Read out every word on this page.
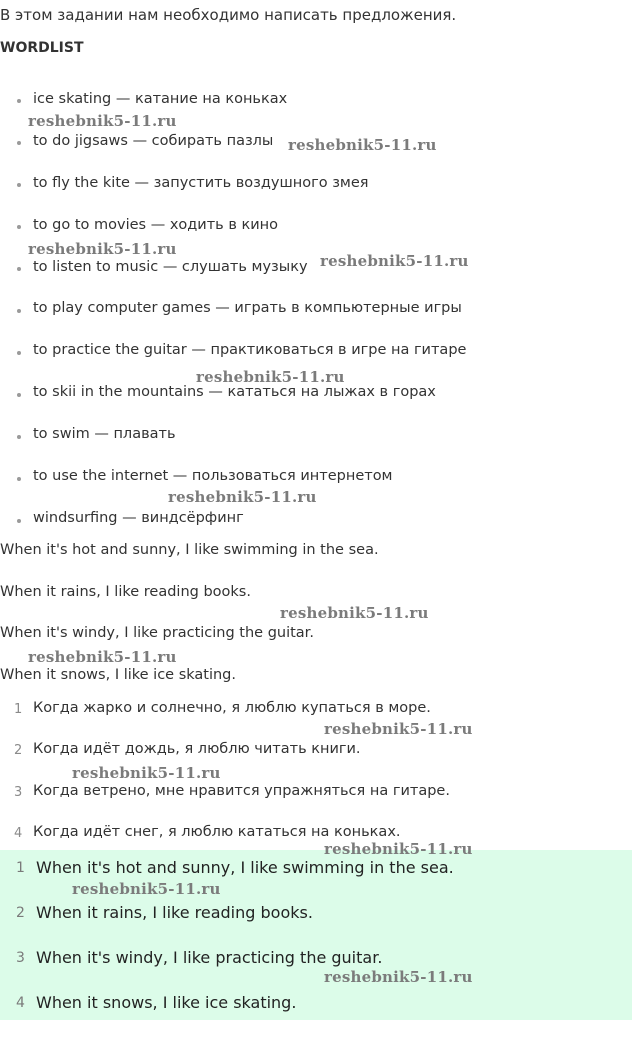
В этом задании нам необходимо написать предложения.
WORDLIST
ice skating — катание на коньках
to do jigsaws — собирать пазлы
to fly the kite — запустить воздушного змея
to go to movies — ходить в кино
to listen to music — слушать музыку
to play computer games — играть в компьютерные игры
to practice the guitar — практиковаться в игре на гитаре
to skii in the mountains — кататься на лыжах в горах
to swim — плавать
to use the internet — пользоваться интернетом
windsurfing — виндсёрфинг
When it's hot and sunny, I like swimming in the sea.
When it rains, I like reading books.
When it's windy, I like practicing the guitar.
When it snows, I like ice skating.
1 Когда жарко и солнечно, я люблю купаться в море.
2 Когда идёт дождь, я люблю читать книги.
3 Когда ветрено, мне нравится упражняться на гитаре.
4 Когда идёт снег, я люблю кататься на коньках.
1 When it's hot and sunny, I like swimming in the sea.
2 When it rains, I like reading books.
3 When it's windy, I like practicing the guitar.
4 When it snows, I like ice skating.
reshebnik5-11.ru
reshebnik5-11.ru
reshebnik5-11.ru
reshebnik5-11.ru
reshebnik5-11.ru
reshebnik5-11.ru
reshebnik5-11.ru
reshebnik5-11.ru
reshebnik5-11.ru
reshebnik5-11.ru
reshebnik5-11.ru
reshebnik5-11.ru
reshebnik5-11.ru
